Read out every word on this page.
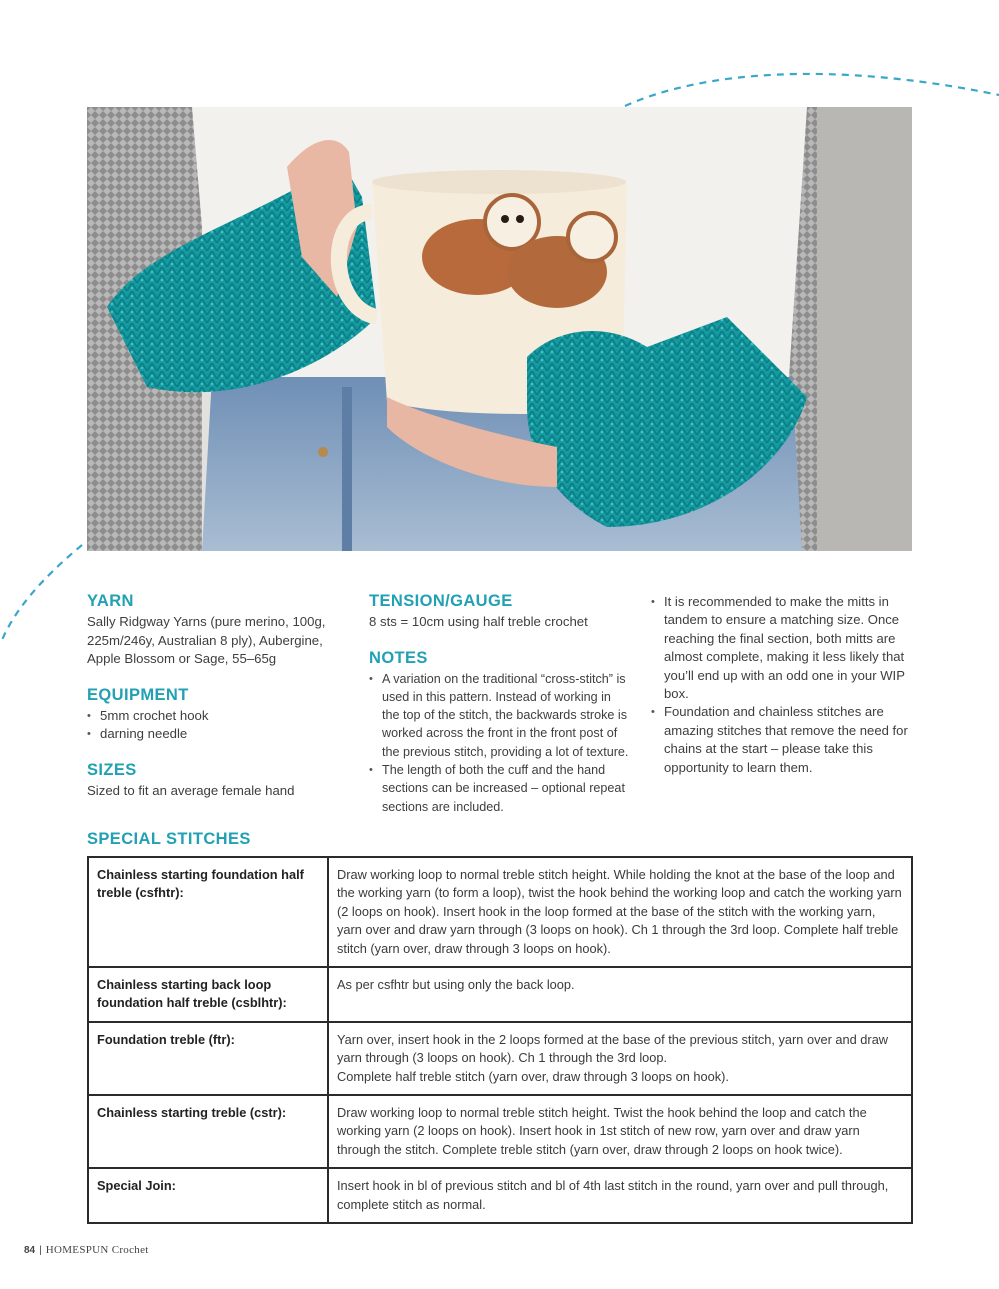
YARN

Sally Ridgway Yarns (pure merino, 100g,

225m/246y, Australian 8 ply), Aubergine,

Apple Blossom or Sage, 55–65g

EQUIPMENT
• 5mm crochet hook
• darning needle
SIZES

Sized to fit an average female hand

TENSION/GAUGE

8 sts = 10cm using half treble crochet

NOTES
• A variation on the traditional “cross-stitch” is used in this pattern. Instead of working in the top of the stitch, the backwards stroke is worked across the front in the front post of the previous stitch, providing a lot of texture.
• The length of both the cuff and the hand sections can be increased – optional repeat sections are included.
• It is recommended to make the mitts in tandem to ensure a matching size. Once reaching the final section, both mitts are almost complete, making it less likely that you’ll end up with an odd one in your WIP box.
• Foundation and chainless stitches are amazing stitches that remove the need for chains at the start – please take this opportunity to learn them.
SPECIAL STITCHES
Chainless starting foundation half treble (csfhtr):	Draw working loop to normal treble stitch height. While holding the knot at the base of the loop and the working yarn (to form a loop), twist the hook behind the working loop and catch the working yarn (2 loops on hook). Insert hook in the loop formed at the base of the stitch with the working yarn, yarn over and draw yarn through (3 loops on hook). Ch 1 through the 3rd loop. Complete half treble stitch (yarn over, draw through 3 loops on hook).
Chainless starting back loop foundation half treble (csblhtr):	As per csfhtr but using only the back loop.
Foundation treble (ftr):	Yarn over, insert hook in the 2 loops formed at the base of the previous stitch, yarn over and draw yarn through (3 loops on hook). Ch 1 through the 3rd loop.
Complete half treble stitch (yarn over, draw through 3 loops on hook).
Chainless starting treble (cstr):	Draw working loop to normal treble stitch height. Twist the hook behind the loop and catch the working yarn (2 loops on hook). Insert hook in 1st stitch of new row, yarn over and draw yarn through the stitch. Complete treble stitch (yarn over, draw through 2 loops on hook twice).
Special Join:	Insert hook in bl of previous stitch and bl of 4th last stitch in the round, yarn over and pull through, complete stitch as normal.
84 | HOMESPUN Crochet
